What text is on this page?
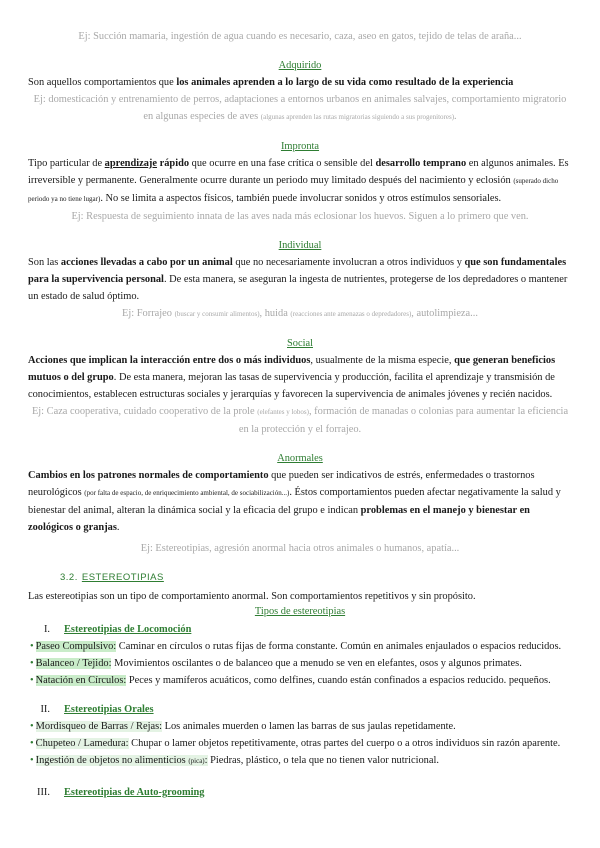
Ej: Succión mamaria, ingestión de agua cuando es necesario, caza, aseo en gatos, tejido de telas de araña...

Adquirido

Son aquellos comportamientos que los animales aprenden a lo largo de su vida como resultado de la experiencia

Ej: domesticación y entrenamiento de perros, adaptaciones a entornos urbanos en animales salvajes, comportamiento migratorio en algunas especies de aves (algunas aprenden las rutas migratorias siguiendo a sus progenitores).

Impronta

Tipo particular de aprendizaje rápido que ocurre en una fase crítica o sensible del desarrollo temprano en algunos animales. Es irreversible y permanente. Generalmente ocurre durante un periodo muy limitado después del nacimiento y eclosión (superado dicho periodo ya no tiene lugar). No se limita a aspectos físicos, también puede involucrar sonidos y otros estímulos sensoriales.

Ej: Respuesta de seguimiento innata de las aves nada más eclosionar los huevos. Siguen a lo primero que ven.

Individual

Son las acciones llevadas a cabo por un animal que no necesariamente involucran a otros individuos y que son fundamentales para la supervivencia personal. De esta manera, se aseguran la ingesta de nutrientes, protegerse de los depredadores o mantener un estado de salud óptimo.

Ej: Forrajeo (buscar y consumir alimentos), huida (reacciones ante amenazas o depredadores), autolimpieza...

Social

Acciones que implican la interacción entre dos o más individuos, usualmente de la misma especie, que generan beneficios mutuos o del grupo. De esta manera, mejoran las tasas de supervivencia y producción, facilita el aprendizaje y transmisión de conocimientos, establecen estructuras sociales y jerarquías y favorecen la supervivencia de animales jóvenes y recién nacidos.

Ej: Caza cooperativa, cuidado cooperativo de la prole (elefantes y lobos), formación de manadas o colonias para aumentar la eficiencia en la protección y el forrajeo.

Anormales

Cambios en los patrones normales de comportamiento que pueden ser indicativos de estrés, enfermedades o trastornos neurológicos (por falta de espacio, de enriquecimiento ambiental, de sociabilización...). Éstos comportamientos pueden afectar negativamente la salud y bienestar del animal, alteran la dinámica social y la eficacia del grupo e indican problemas en el manejo y bienestar en zoológicos o granjas.

Ej: Estereotipias, agresión anormal hacia otros animales o humanos, apatía...

3.2. ESTEREOTIPIAS

Las estereotipias son un tipo de comportamiento anormal. Son comportamientos repetitivos y sin propósito.

Tipos de estereotipias
I.	Estereotipias de Locomoción
• Paseo Compulsivo: Caminar en círculos o rutas fijas de forma constante. Común en animales enjaulados o espacios reducidos.
• Balanceo / Tejido: Movimientos oscilantes o de balanceo que a menudo se ven en elefantes, osos y algunos primates.
• Natación en Círculos: Peces y mamíferos acuáticos, como delfines, cuando están confinados a espacios reducido. pequeños.
II.	Estereotipias Orales
• Mordisqueo de Barras / Rejas: Los animales muerden o lamen las barras de sus jaulas repetidamente.
• Chupeteo / Lamedura: Chupar o lamer objetos repetitivamente, otras partes del cuerpo o a otros individuos sin razón aparente.
• Ingestión de objetos no alimenticios (pica): Piedras, plástico, o tela que no tienen valor nutricional.
III.	Estereotipias de Auto-grooming
